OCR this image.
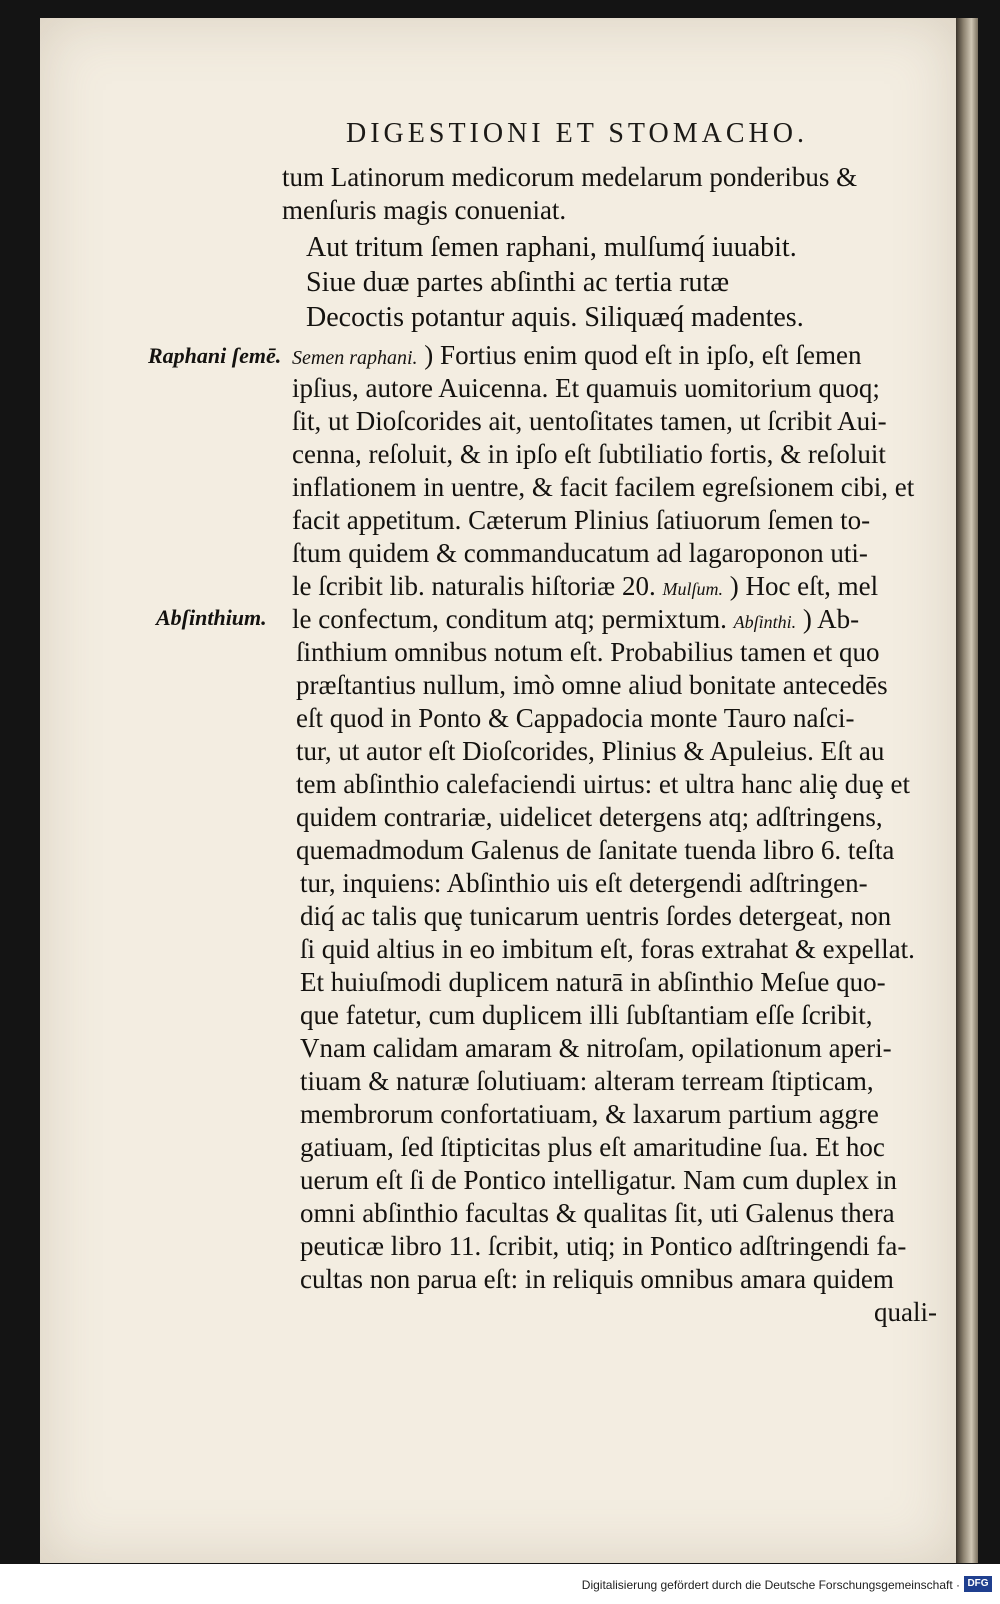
DIGESTIONI ET STOMACHO.
tum Latinorum medicorum medelarum ponderibus &
menſuris magis conueniat.
Aut tritum ſemen raphani, mulſumq́ iuuabit.
Siue duæ partes abſinthi ac tertia rutæ
Decoctis potantur aquis. Siliquæq́ madentes.
Raphani ſemē. Semen raphani. ) Fortius enim quod eſt in ipſo, eſt ſemen
ipſius, autore Auicenna. Et quamuis uomitorium quoq;
ſit, ut Dioſcorides ait, uentoſitates tamen, ut ſcribit Aui-
cenna, reſoluit, & in ipſo eſt ſubtiliatio fortis, & reſoluit
inflationem in uentre, & facit facilem egreſsionem cibi, et
facit appetitum. Cæterum Plinius ſatiuorum ſemen to-
ſtum quidem & commanducatum ad lagaroponon uti-
le ſcribit lib. naturalis hiſtoriæ 20. Mulſum. ) Hoc eſt, mel
Abſinthium. le confectum, conditum atq; permixtum. Abſinthi. ) Ab-
ſinthium omnibus notum eſt. Probabilius tamen et quo
præſtantius nullum, imò omne aliud bonitate antecedēs
eſt quod in Ponto & Cappadocia monte Tauro naſci-
tur, ut autor eſt Dioſcorides, Plinius & Apuleius. Eſt au
tem abſinthio calefaciendi uirtus: et ultra hanc aliȩ duȩ et
quidem contrariæ, uidelicet detergens atq; adſtringens,
quemadmodum Galenus de ſanitate tuenda libro 6. teſta
tur, inquiens: Abſinthio uis eſt detergendi adſtringen-
diq́ ac talis quȩ tunicarum uentris ſordes detergeat, non
ſi quid altius in eo imbitum eſt, foras extrahat & expellat.
Et huiuſmodi duplicem naturā in abſinthio Meſue quo-
que fatetur, cum duplicem illi ſubſtantiam eſſe ſcribit,
Vnam calidam amaram & nitroſam, opilationum aperi-
tiuam & naturæ ſolutiuam: alteram terream ſtipticam,
membrorum confortatiuam, & laxarum partium aggre
gatiuam, ſed ſtipticitas plus eſt amaritudine ſua. Et hoc
uerum eſt ſi de Pontico intelligatur. Nam cum duplex in
omni abſinthio facultas & qualitas ſit, uti Galenus thera
peuticæ libro 11. ſcribit, utiq; in Pontico adſtringendi fa-
cultas non parua eſt: in reliquis omnibus amara quidem
quali-
Digitalisierung gefördert durch die Deutsche Forschungsgemeinschaft · DFG
